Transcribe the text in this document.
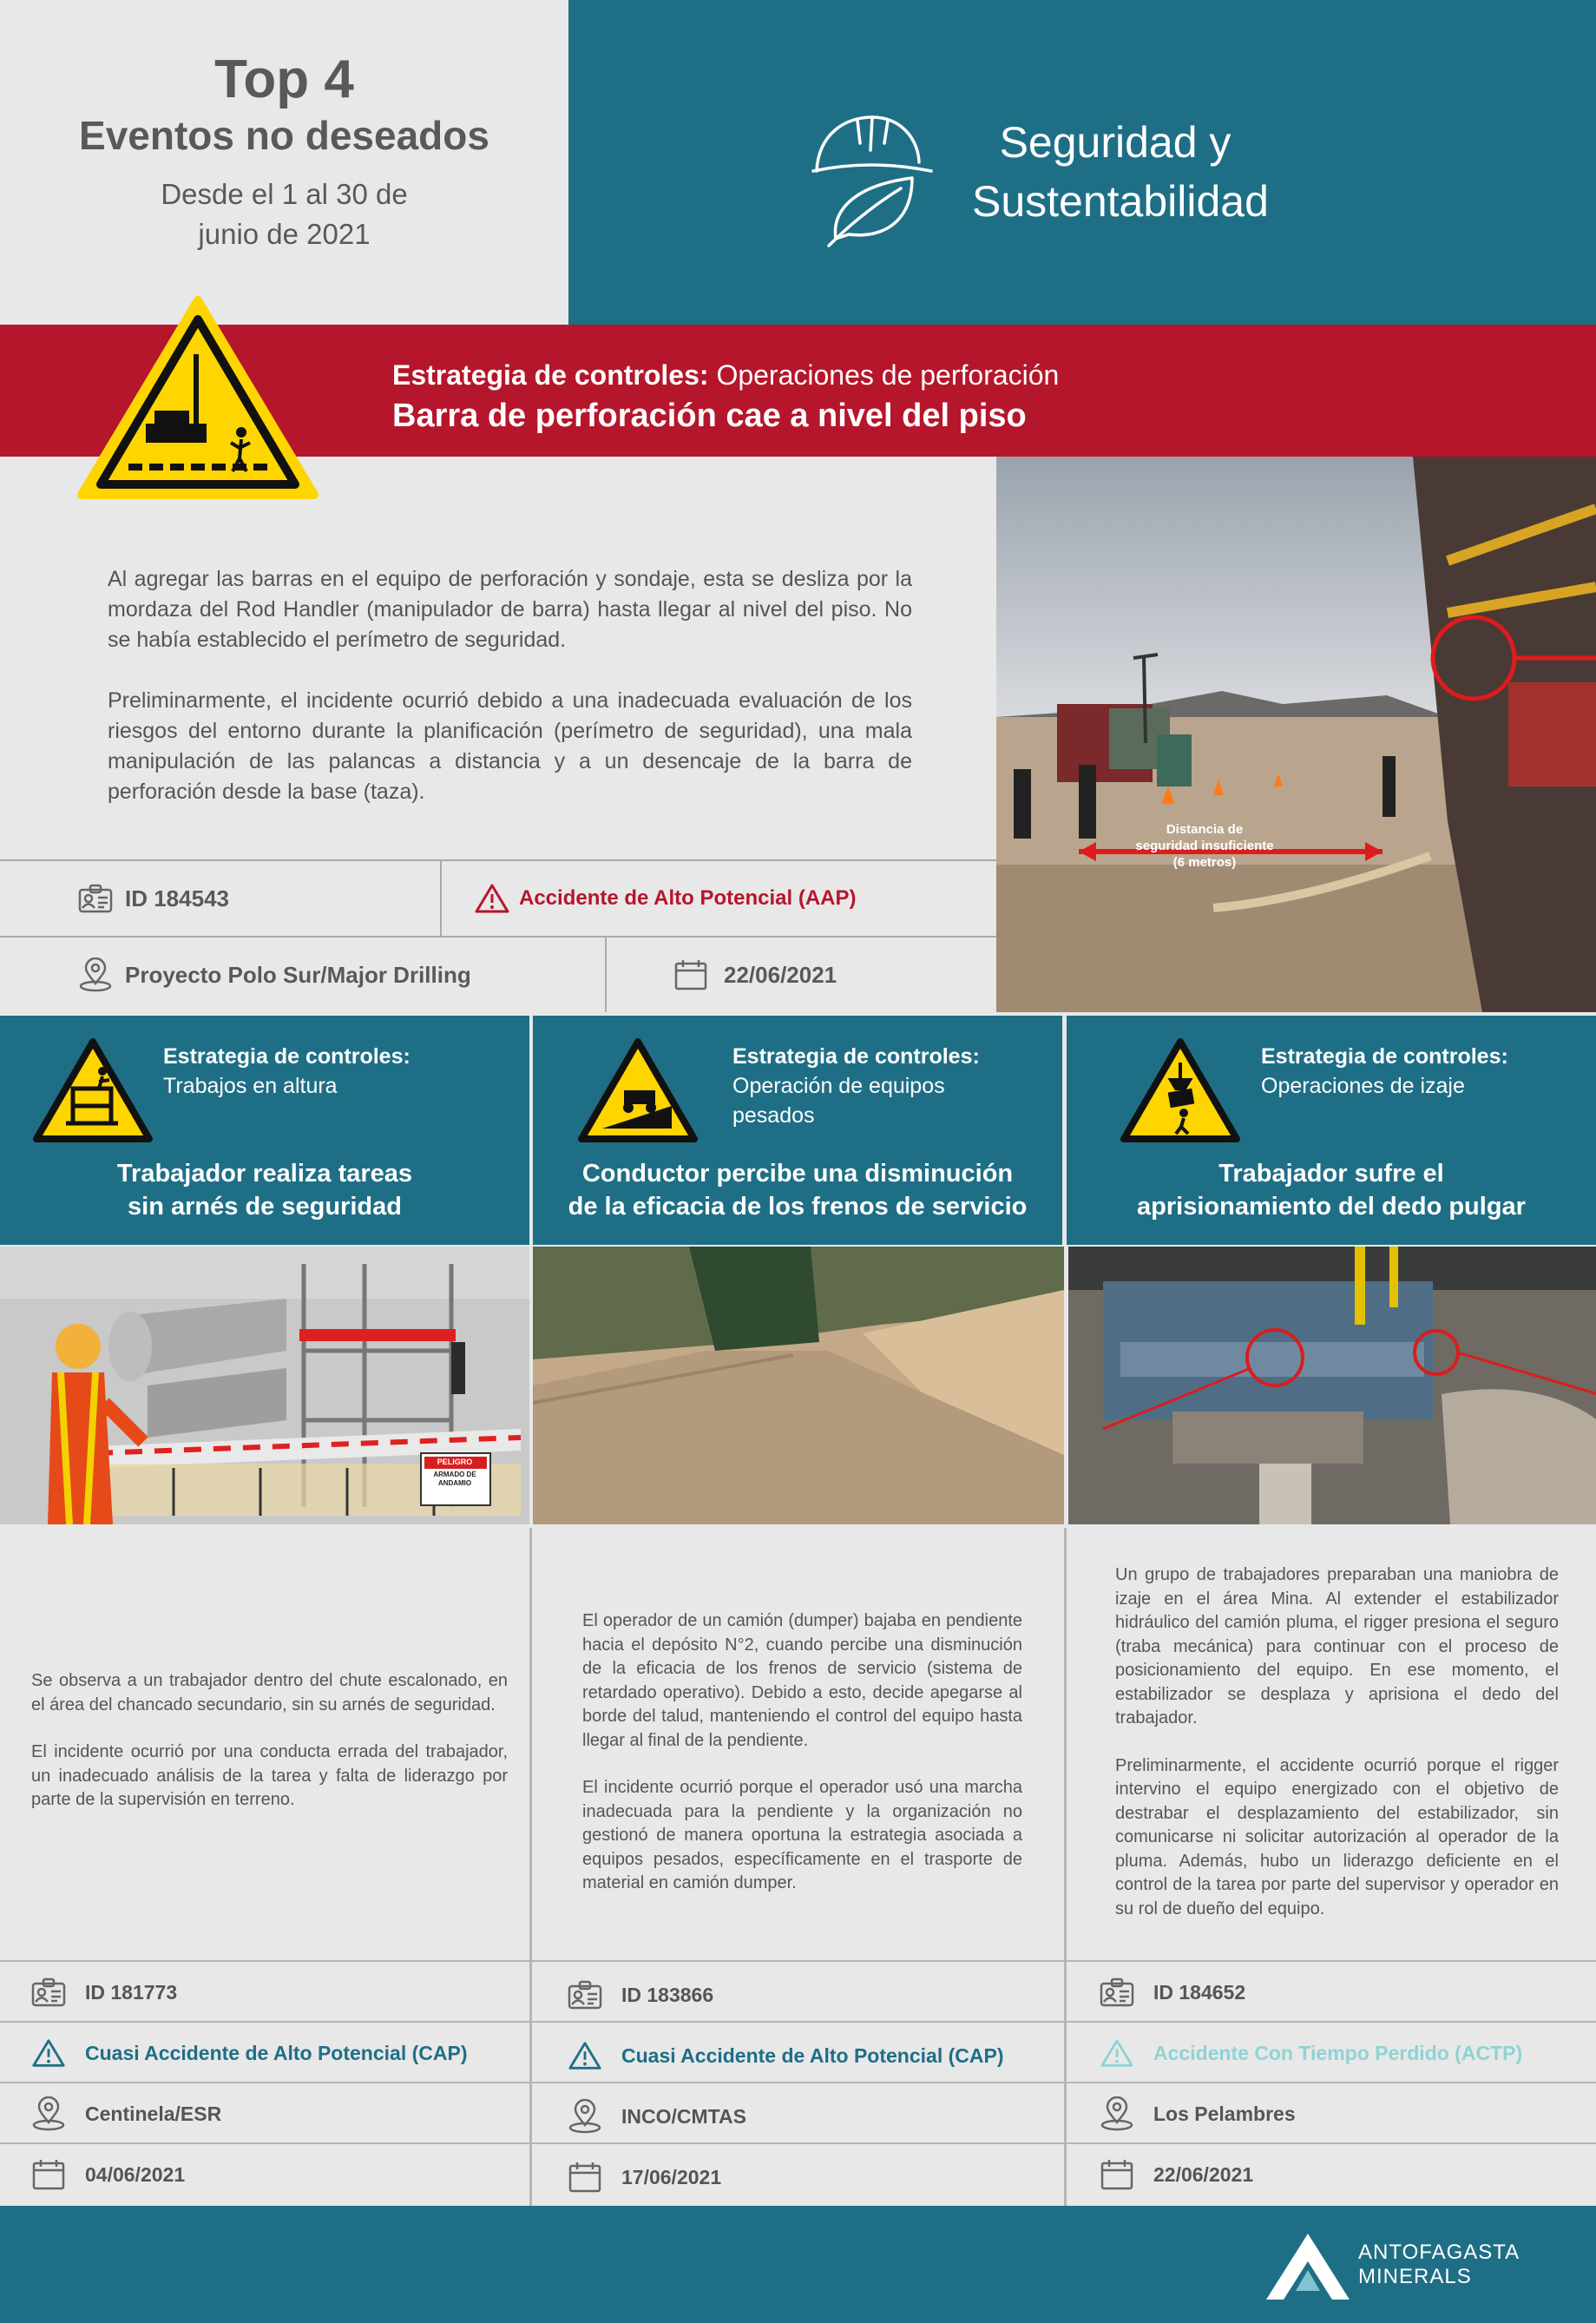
Top 4
Eventos no deseados
Desde el 1 al 30 de junio de 2021
Seguridad y Sustentabilidad
Estrategia de controles: Operaciones de perforación
Barra de perforación cae a nivel del piso

Al agregar las barras en el equipo de perforación y sondaje, esta se desliza por la mordaza del Rod Handler (manipulador de barra) hasta llegar al nivel del piso. No se había establecido el perímetro de seguridad.

Preliminarmente, el incidente ocurrió debido a una inadecuada evaluación de los riesgos del entorno durante la planificación (perímetro de seguridad), una mala manipulación de las palancas a distancia y a un desencaje de la barra de perforación desde la base (taza).

Distancia de seguridad insuficiente (6 metros)
ID 184543	Accidente de Alto Potencial (AAP)
Proyecto Polo Sur/Major Drilling	22/06/2021
Estrategia de controles:
Trabajos en altura
Trabajador realiza tareas sin arnés de seguridad
Estrategia de controles:
Operación de equipos pesados
Conductor percibe una disminución de la eficacia de los frenos de servicio
Estrategia de controles:
Operaciones de izaje
Trabajador sufre el aprisionamiento del dedo pulgar
PELIGRO
ARMADO DE ANDAMIO

Se observa a un trabajador dentro del chute escalonado, en el área del chancado secundario, sin su arnés de seguridad.

El incidente ocurrió por una conducta errada del trabajador, un inadecuado análisis de la tarea y falta de liderazgo por parte de la supervisión en terreno.

El operador de un camión (dumper) bajaba en pendiente hacia el depósito N°2, cuando percibe una disminución de la eficacia de los frenos de servicio (sistema de retardado operativo). Debido a esto, decide apegarse al borde del talud, manteniendo el control del equipo hasta llegar al final de la pendiente.

El incidente ocurrió porque el operador usó una marcha inadecuada para la pendiente y la organización no gestionó de manera oportuna la estrategia asociada a equipos pesados, específicamente en el trasporte de material en camión dumper.

Un grupo de trabajadores preparaban una maniobra de izaje en el área Mina. Al extender el estabilizador hidráulico del camión pluma, el rigger presiona el seguro (traba mecánica) para continuar con el proceso de posicionamiento del equipo. En ese momento, el estabilizador se desplaza y aprisiona el dedo del trabajador.

Preliminarmente, el accidente ocurrió porque el rigger intervino el equipo energizado con el objetivo de destrabar el desplazamiento del estabilizador, sin comunicarse ni solicitar autorización al operador de la pluma. Además, hubo un liderazgo deficiente en el control de la tarea por parte del supervisor y operador en su rol de dueño del equipo.

ID 181773
Cuasi Accidente de Alto Potencial (CAP)
Centinela/ESR
04/06/2021
ID 183866
Cuasi Accidente de Alto Potencial (CAP)
INCO/CMTAS
17/06/2021
ID 184652
Accidente Con Tiempo Perdido (ACTP)
Los Pelambres
22/06/2021
ANTOFAGASTA
MINERALS
